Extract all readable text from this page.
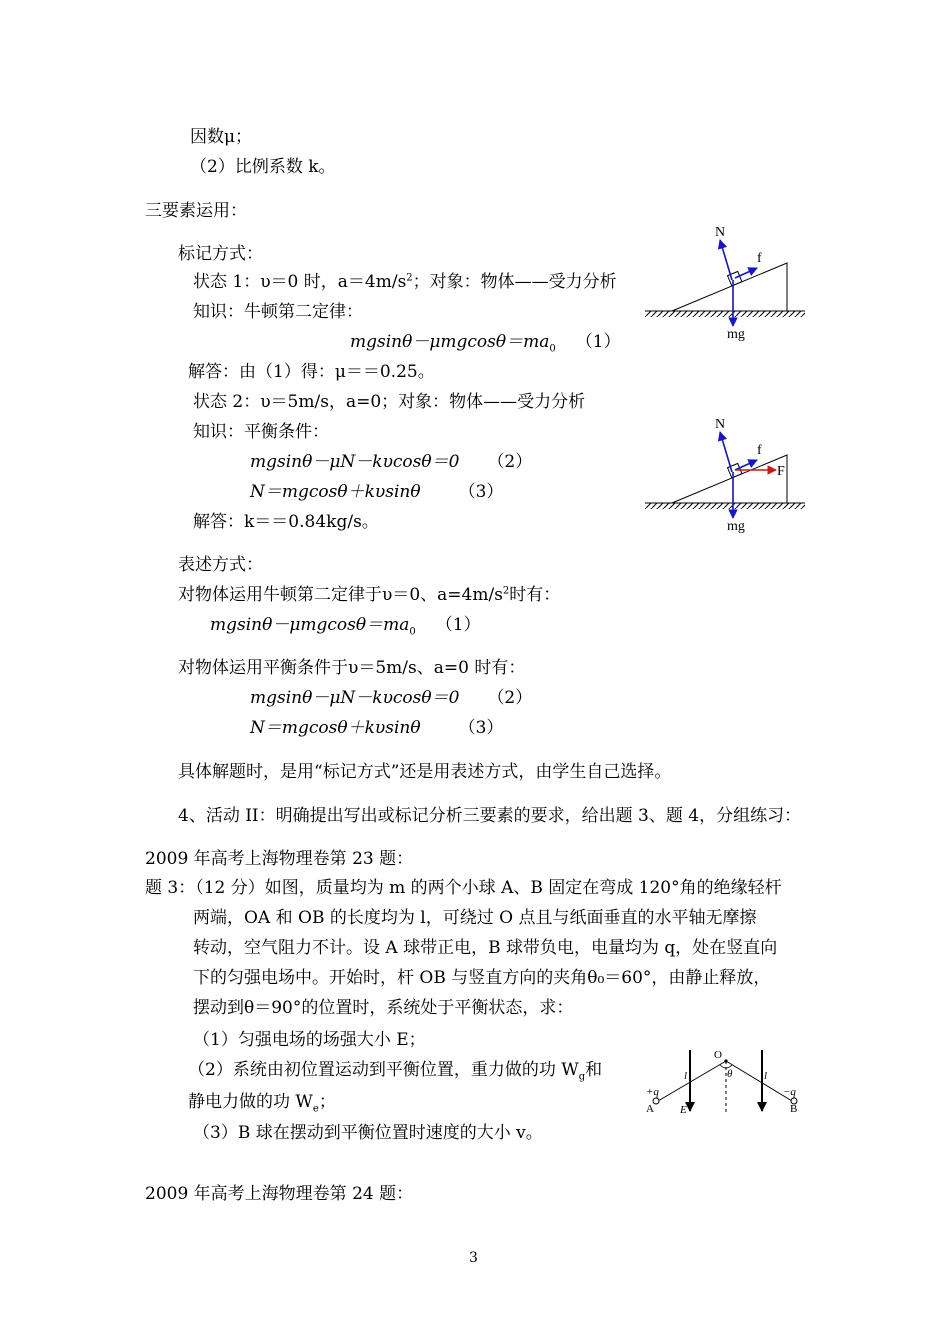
因数μ；
（2）比例系数 k。
三要素运用：
标记方式：
状态 1：υ＝0 时，$a=4m/s^2$；对象：物体——受力分析
知识：牛顿第二定律：
$mgsin\theta-\mu mgcos\theta=ma_0$ （1）
解答：由（1）得：μ＝＝0.25。
状态 2：υ＝5m/s，a=0；对象：物体——受力分析
知识：平衡条件：
mgsinθ－μN－kυcosθ＝0 （2）
N＝mgcosθ＋kυsinθ （3）
解答：k＝＝0.84kg/s。
表述方式：
对物体运用牛顿第二定律于υ＝0、$a=4m/s^2$时有：
$mgsin\theta-\mu mgcos\theta=ma_0$ （1）
对物体运用平衡条件于υ＝5m/s、a=0 时有：
mgsinθ－μN－kυcosθ＝0 （2）
N＝mgcosθ＋kυsinθ （3）
具体解题时，是用“标记方式”还是用表述方式，由学生自己选择。
4、活动 II：明确提出写出或标记分析三要素的要求，给出题 3、题 4，分组练习：
2009 年高考上海物理卷第 23 题：
题 3：（12 分）如图，质量均为 m 的两个小球 A、B 固定在弯成 120°角的绝缘轻杆
两端，OA 和 OB 的长度均为 l，可绕过 O 点且与纸面垂直的水平轴无摩擦
转动，空气阻力不计。设 A 球带正电，B 球带负电，电量均为 q，处在竖直向
下的匀强电场中。开始时，杆 OB 与竖直方向的夹角θ₀＝60°，由静止释放，
摆动到θ＝90°的位置时，系统处于平衡状态，求：
（1）匀强电场的场强大小 E；
（2）系统由初位置运动到平衡位置，重力做的功 $W_g$和
静电力做的功 $W_e$；
（3）B 球在摆动到平衡位置时速度的大小 v。
2009 年高考上海物理卷第 24 题：
3
N
f
mg
N
f
F
mg
O
θ
A	B
+q	−q
E
l	l
